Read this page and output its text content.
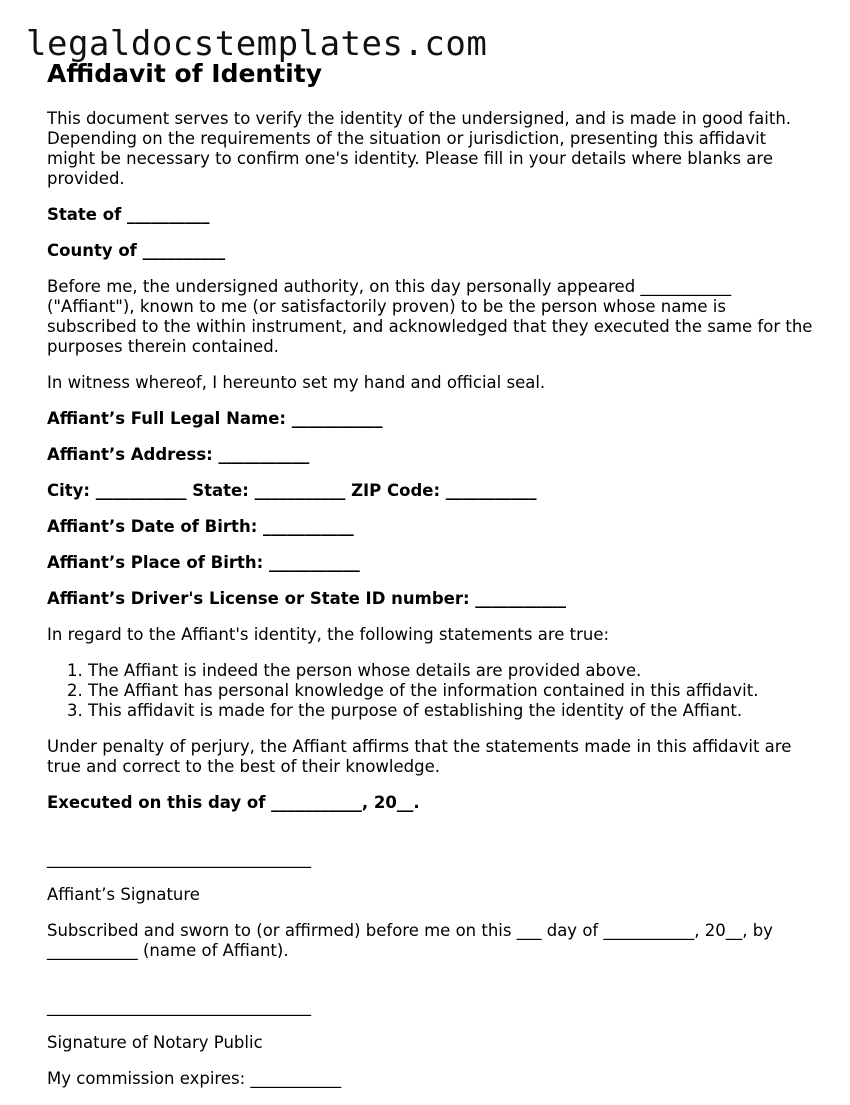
legaldocstemplates.com
Affidavit of Identity

This document serves to verify the identity of the undersigned, and is made in good faith. Depending on the requirements of the situation or jurisdiction, presenting this affidavit might be necessary to confirm one's identity. Please fill in your details where blanks are provided.

State of __________

County of __________

Before me, the undersigned authority, on this day personally appeared ___________ ("Affiant"), known to me (or satisfactorily proven) to be the person whose name is subscribed to the within instrument, and acknowledged that they executed the same for the purposes therein contained.

In witness whereof, I hereunto set my hand and official seal.

Affiant’s Full Legal Name: ___________

Affiant’s Address: ___________

City: ___________ State: ___________ ZIP Code: ___________

Affiant’s Date of Birth: ___________

Affiant’s Place of Birth: ___________

Affiant’s Driver's License or State ID number: ___________

In regard to the Affiant's identity, the following statements are true:

1. The Affiant is indeed the person whose details are provided above.
2. The Affiant has personal knowledge of the information contained in this affidavit.
3. This affidavit is made for the purpose of establishing the identity of the Affiant.

Under penalty of perjury, the Affiant affirms that the statements made in this affidavit are true and correct to the best of their knowledge.

Executed on this day of ___________, 20__.

________________________________

Affiant’s Signature

Subscribed and sworn to (or affirmed) before me on this ___ day of ___________, 20__, by ___________ (name of Affiant).

________________________________

Signature of Notary Public

My commission expires: ___________
